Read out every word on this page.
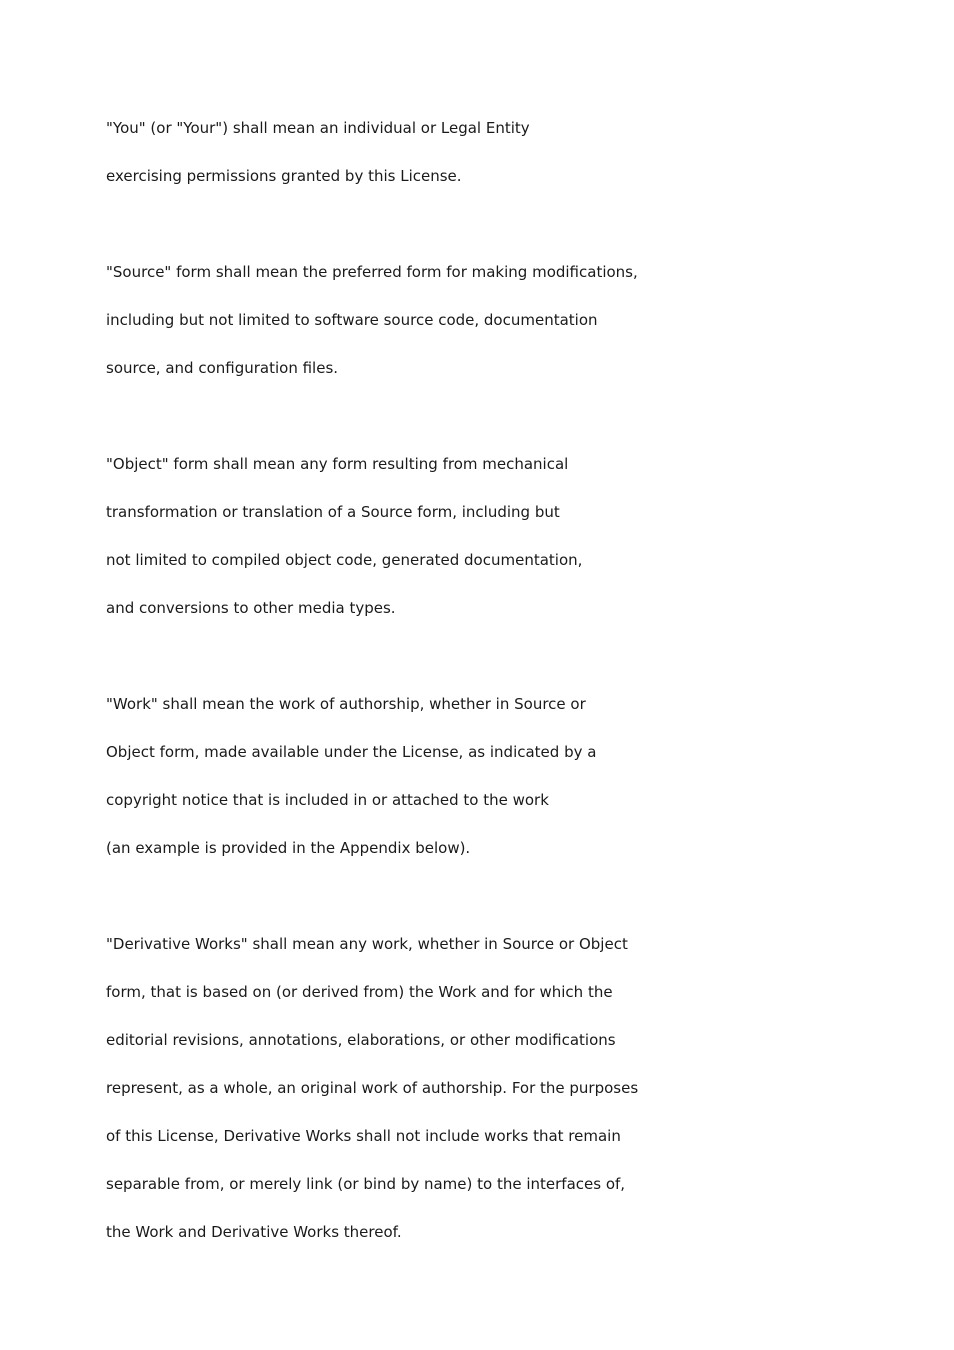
"You" (or "Your") shall mean an individual or Legal Entity
exercising permissions granted by this License.
"Source" form shall mean the preferred form for making modifications,
including but not limited to software source code, documentation
source, and configuration files.
"Object" form shall mean any form resulting from mechanical
transformation or translation of a Source form, including but
not limited to compiled object code, generated documentation,
and conversions to other media types.
"Work" shall mean the work of authorship, whether in Source or
Object form, made available under the License, as indicated by a
copyright notice that is included in or attached to the work
(an example is provided in the Appendix below).
"Derivative Works" shall mean any work, whether in Source or Object
form, that is based on (or derived from) the Work and for which the
editorial revisions, annotations, elaborations, or other modifications
represent, as a whole, an original work of authorship. For the purposes
of this License, Derivative Works shall not include works that remain
separable from, or merely link (or bind by name) to the interfaces of,
the Work and Derivative Works thereof.
